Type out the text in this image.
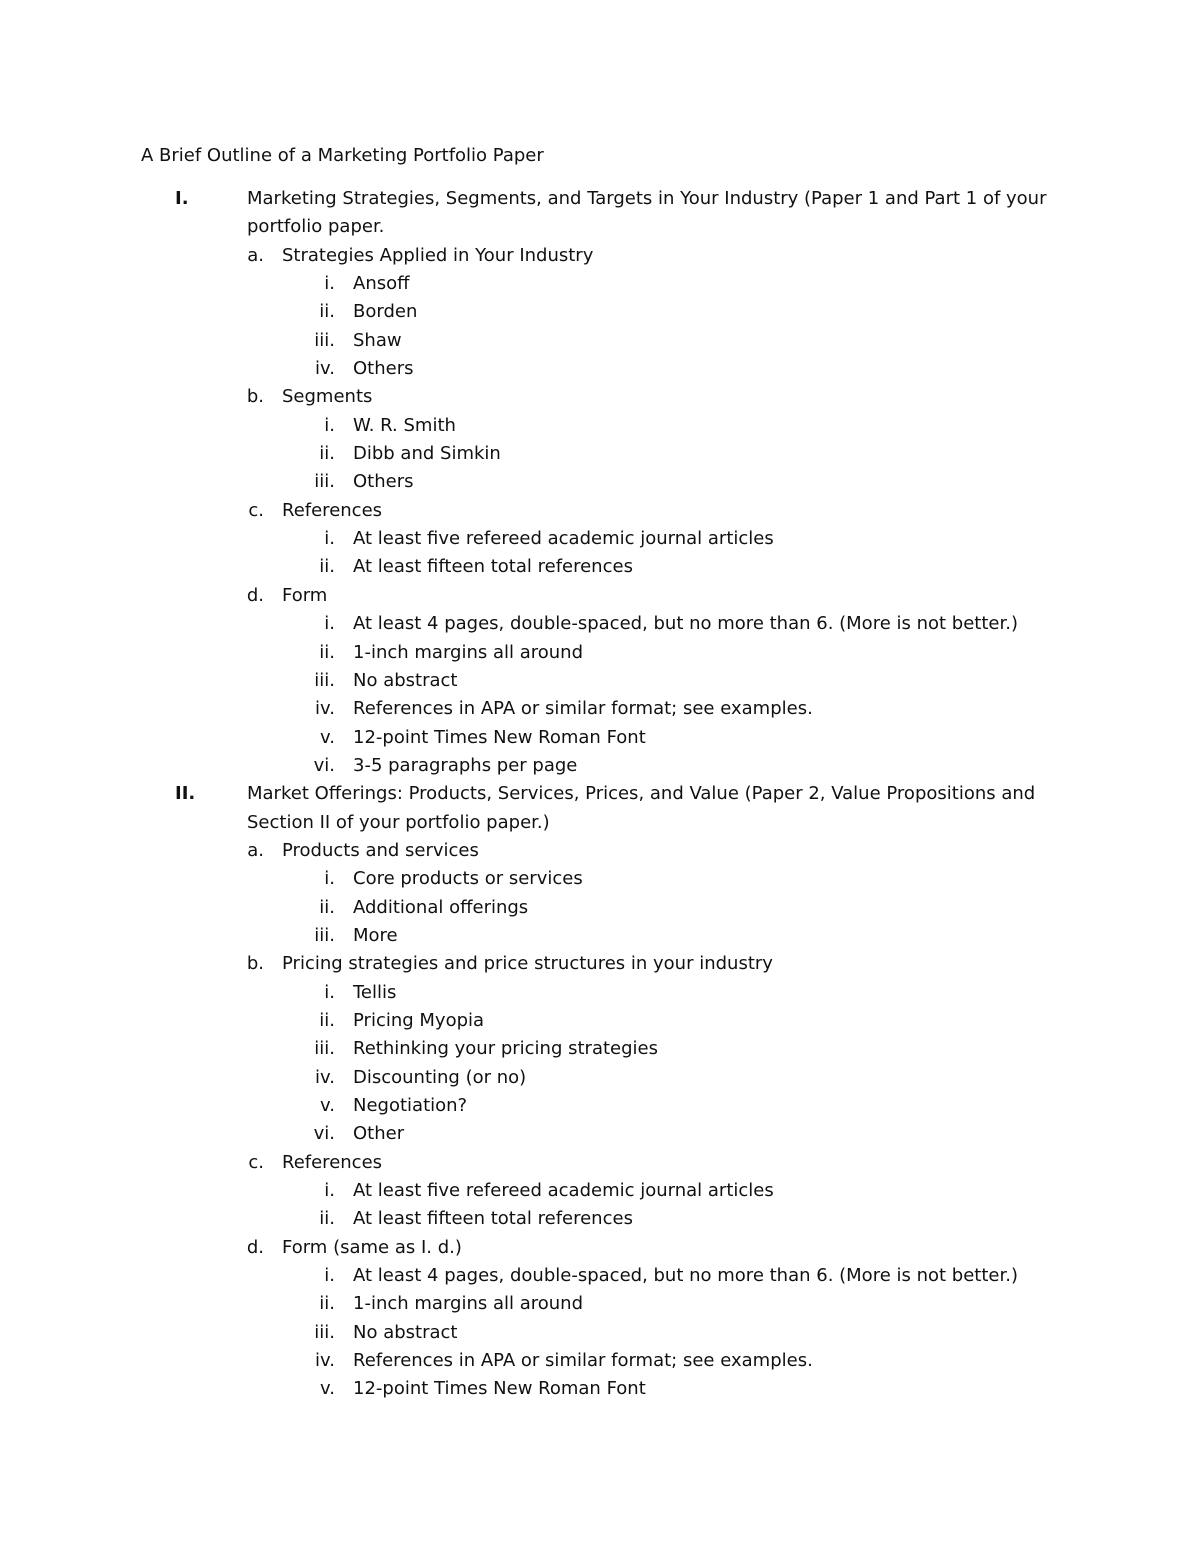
A Brief Outline of a Marketing Portfolio Paper
I.	Marketing Strategies, Segments, and Targets in Your Industry (Paper 1 and Part 1 of your
portfolio paper.
a. Strategies Applied in Your Industry
i. Ansoff
ii. Borden
iii. Shaw
iv. Others
b. Segments
i. W. R. Smith
ii. Dibb and Simkin
iii. Others
c. References
i. At least five refereed academic journal articles
ii. At least fifteen total references
d. Form
i. At least 4 pages, double-spaced, but no more than 6. (More is not better.)
ii. 1-inch margins all around
iii. No abstract
iv. References in APA or similar format; see examples.
v. 12-point Times New Roman Font
vi. 3-5 paragraphs per page
II.	Market Offerings: Products, Services, Prices, and Value (Paper 2, Value Propositions and
Section II of your portfolio paper.)
a. Products and services
i. Core products or services
ii. Additional offerings
iii. More
b. Pricing strategies and price structures in your industry
i. Tellis
ii. Pricing Myopia
iii. Rethinking your pricing strategies
iv. Discounting (or no)
v. Negotiation?
vi. Other
c. References
i. At least five refereed academic journal articles
ii. At least fifteen total references
d. Form (same as I. d.)
i. At least 4 pages, double-spaced, but no more than 6. (More is not better.)
ii. 1-inch margins all around
iii. No abstract
iv. References in APA or similar format; see examples.
v. 12-point Times New Roman Font
